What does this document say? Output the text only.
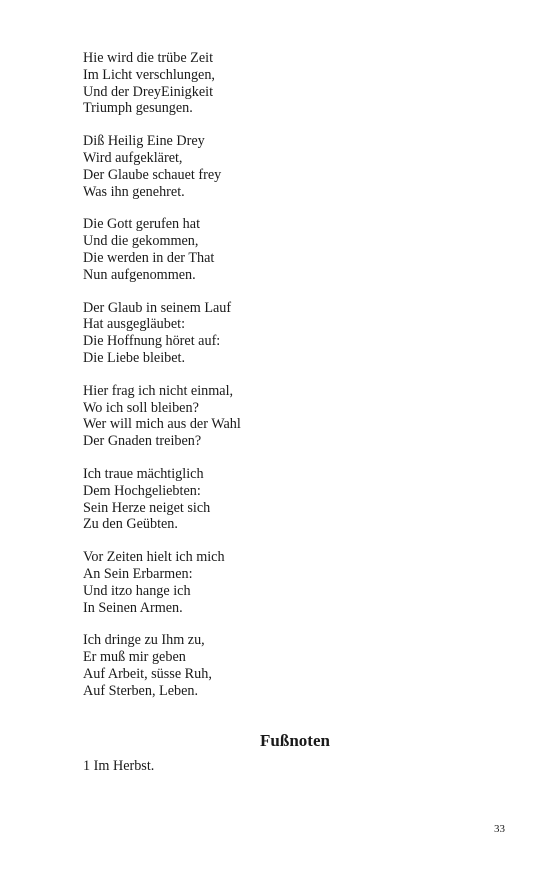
Hie wird die trübe Zeit
Im Licht verschlungen,
Und der DreyEinigkeit
Triumph gesungen.
Diß Heilig Eine Drey
Wird aufgekläret,
Der Glaube schauet frey
Was ihn genehret.
Die Gott gerufen hat
Und die gekommen,
Die werden in der That
Nun aufgenommen.
Der Glaub in seinem Lauf
Hat ausgegläubet:
Die Hoffnung höret auf:
Die Liebe bleibet.
Hier frag ich nicht einmal,
Wo ich soll bleiben?
Wer will mich aus der Wahl
Der Gnaden treiben?
Ich traue mächtiglich
Dem Hochgeliebten:
Sein Herze neiget sich
Zu den Geübten.
Vor Zeiten hielt ich mich
An Sein Erbarmen:
Und itzo hange ich
In Seinen Armen.
Ich dringe zu Ihm zu,
Er muß mir geben
Auf Arbeit, süsse Ruh,
Auf Sterben, Leben.
Fußnoten
1 Im Herbst.
33
